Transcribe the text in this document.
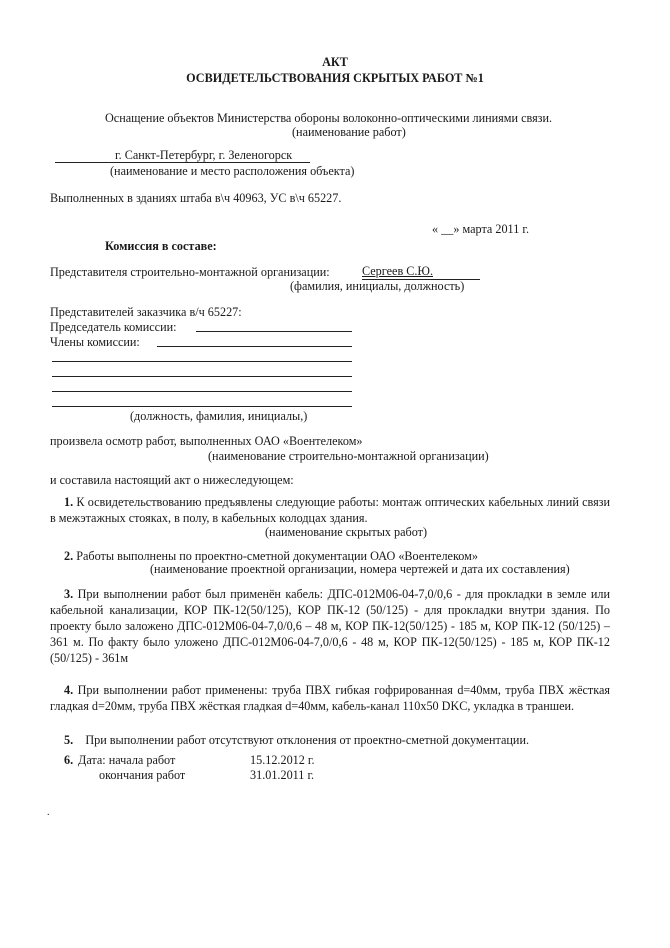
АКТ
ОСВИДЕТЕЛЬСТВОВАНИЯ СКРЫТЫХ РАБОТ №1
Оснащение объектов Министерства обороны волоконно-оптическими линиями связи.
(наименование работ)
г. Санкт-Петербург, г. Зеленогорск
(наименование и место расположения объекта)
Выполненных в зданиях штаба в\ч 40963, УС в\ч 65227.
« __» марта 2011 г.
Комиссия в составе:
Представителя строительно-монтажной организации:	Сергеев С.Ю.
(фамилия, инициалы, должность)
Представителей заказчика в/ч 65227:
Председатель комиссии:
Члены комиссии:
(должность, фамилия, инициалы,)
произвела осмотр работ, выполненных ОАО «Воентелеком»
(наименование строительно-монтажной организации)
и составила настоящий акт о нижеследующем:
1. К освидетельствованию предъявлены следующие работы: монтаж оптических кабельных линий связи в межэтажных стояках, в полу, в кабельных колодцах здания.
(наименование скрытых работ)
2. Работы выполнены по проектно-сметной документации ОАО «Воентелеком»
(наименование проектной организации, номера чертежей и дата их составления)
3. При выполнении работ был применён кабель: ДПС-012М06-04-7,0/0,6 - для прокладки в земле или кабельной канализации, КОР ПК-12(50/125), КОР ПК-12 (50/125) - для прокладки внутри здания. По проекту было заложено ДПС-012М06-04-7,0/0,6 – 48 м, КОР ПК-12(50/125) - 185 м, КОР ПК-12 (50/125) – 361 м. По факту было уложено ДПС-012М06-04-7,0/0,6 - 48 м, КОР ПК-12(50/125) - 185 м, КОР ПК-12 (50/125) - 361м
4. При выполнении работ применены: труба ПВХ гибкая гофрированная d=40мм, труба ПВХ жёсткая гладкая d=20мм, труба ПВХ жёсткая гладкая d=40мм, кабель-канал 110х50 DKC, укладка в траншеи.
5. При выполнении работ отсутствуют отклонения от проектно-сметной документации.
6. Дата: начала работ	15.12.2012 г.
окончания работ	31.01.2011 г.
.
